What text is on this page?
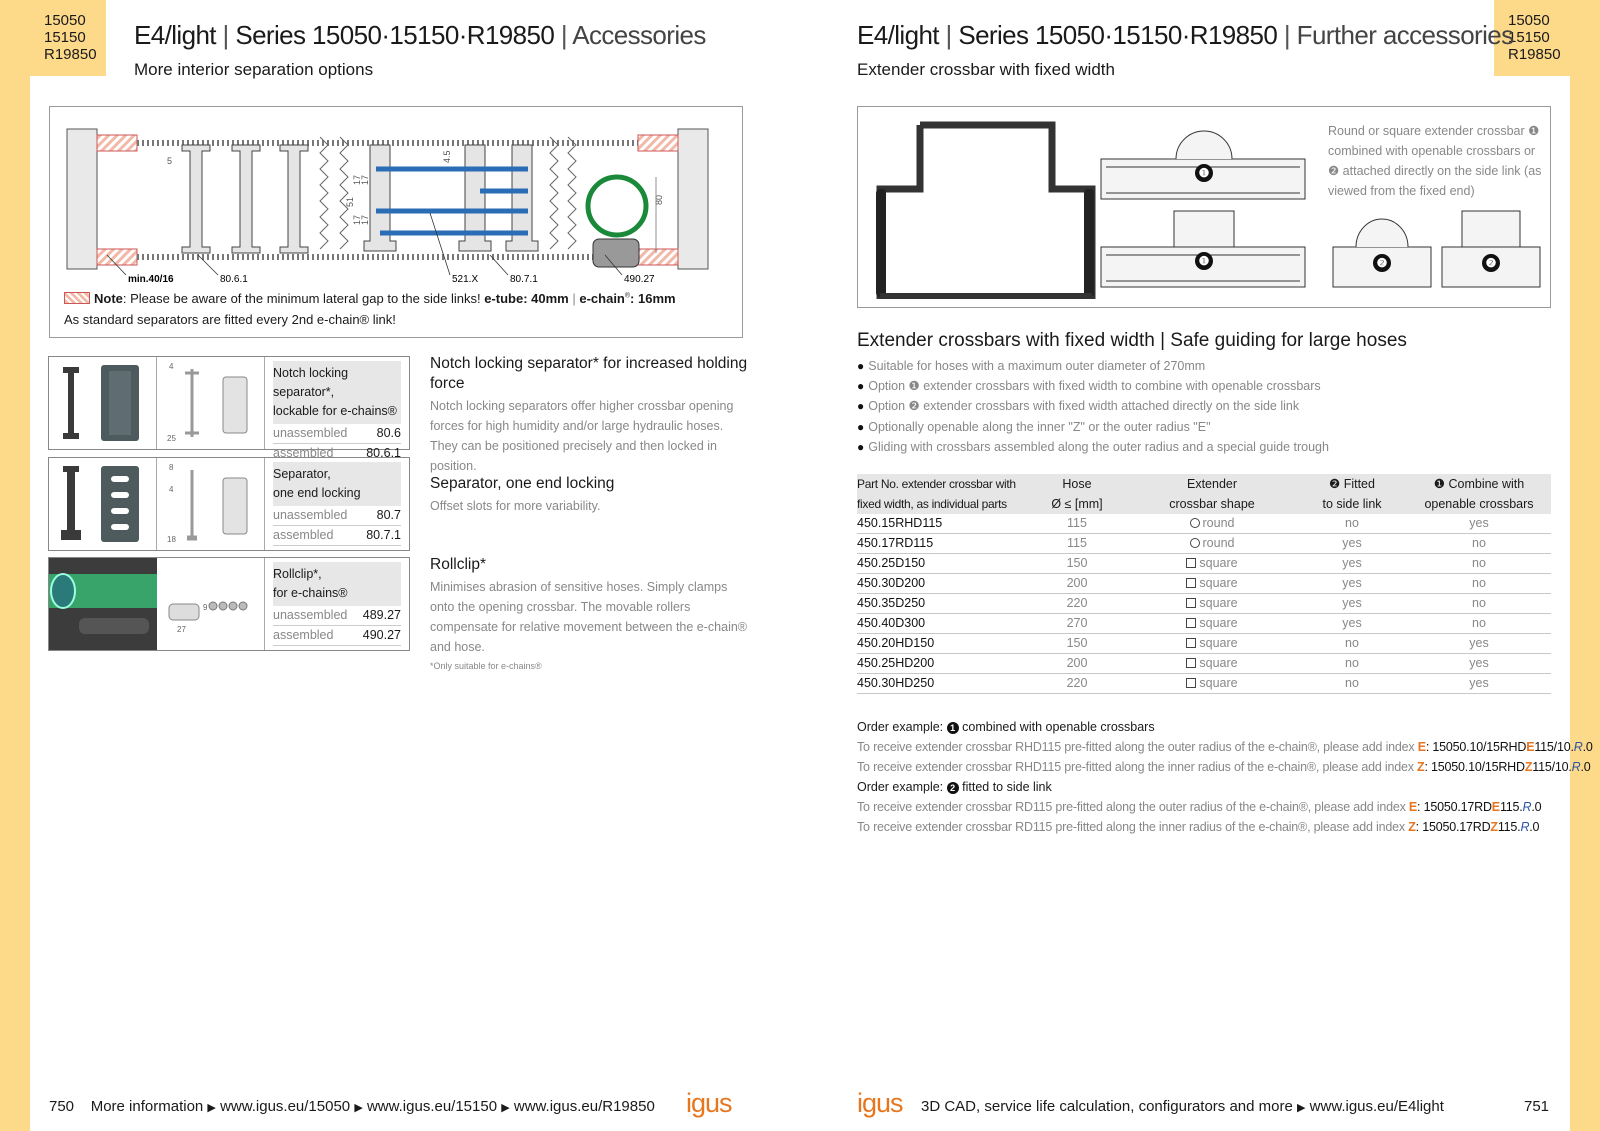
15050
15150
R19850
15050
15150
R19850
E4/light | Series 15050·15150·R19850 | Accessories
More interior separation options
E4/light | Series 15050·15150·R19850 | Further accessories
Extender crossbar with fixed width
5
51
17
17
17
17
4.5
80
min.40/16	80.6.1	521.X	80.7.1	490.27
Note: Please be aware of the minimum lateral gap to the side links! e-tube: 40mm | e-chain®: 16mm
As standard separators are fitted every 2nd e-chain® link!
4
25
Notch locking separator*,
lockable for e-chains®
unassembled 80.6
assembled	80.6.1
Notch locking separator* for increased holding force
Notch locking separators offer higher crossbar opening forces for high humidity and/or large hydraulic hoses. They can be positioned precisely and then locked in position.
8
4
18
Separator,
one end locking
unassembled 80.7
assembled	80.7.1
Separator, one end locking
Offset slots for more variability.
27
9
Rollclip*,
for e-chains®
unassembled 489.27
assembled 490.27
Rollclip*
Minimises abrasion of sensitive hoses. Simply clamps onto the opening crossbar. The movable rollers compensate for relative movement between the e-chain® and hose.
*Only suitable for e-chains®
750 More information ▶ www.igus.eu/15050 ▶ www.igus.eu/15150 ▶ www.igus.eu/R19850 igus
❶
❶	❷	❷
Round or square extender crossbar ❶ combined with openable crossbars or ❷ attached directly on the side link (as viewed from the fixed end)
Extender crossbars with fixed width | Safe guiding for large hoses
● Suitable for hoses with a maximum outer diameter of 270mm
● Option ❶ extender crossbars with fixed width to combine with openable crossbars
● Option ❷ extender crossbars with fixed width attached directly on the side link
● Optionally openable along the inner "Z" or the outer radius "E"
● Gliding with crossbars assembled along the outer radius and a special guide trough
Part No. extender crossbar with
fixed width, as individual parts	Hose
Ø ≤ [mm]	Extender
crossbar shape	❷ Fitted
to side link	❶ Combine with
openable crossbars
450.15RHD115	115	round	no	yes
450.17RD115	115	round	yes	no
450.25D150	150	square	yes	no
450.30D200	200	square	yes	no
450.35D250	220	square	yes	no
450.40D300	270	square	yes	no
450.20HD150	150	square	no	yes
450.25HD200	200	square	no	yes
450.30HD250	220	square	no	yes
Order example: 1 combined with openable crossbars
To receive extender crossbar RHD115 pre-fitted along the outer radius of the e-chain®, please add index E: 15050.10/15RHDE115/10.R.0
To receive extender crossbar RHD115 pre-fitted along the inner radius of the e-chain®, please add index Z: 15050.10/15RHDZ115/10.R.0
Order example: 2 fitted to side link
To receive extender crossbar RD115 pre-fitted along the outer radius of the e-chain®, please add index E: 15050.17RDE115.R.0
To receive extender crossbar RD115 pre-fitted along the inner radius of the e-chain®, please add index Z: 15050.17RDZ115.R.0
igus 3D CAD, service life calculation, configurators and more ▶ www.igus.eu/E4light	751
